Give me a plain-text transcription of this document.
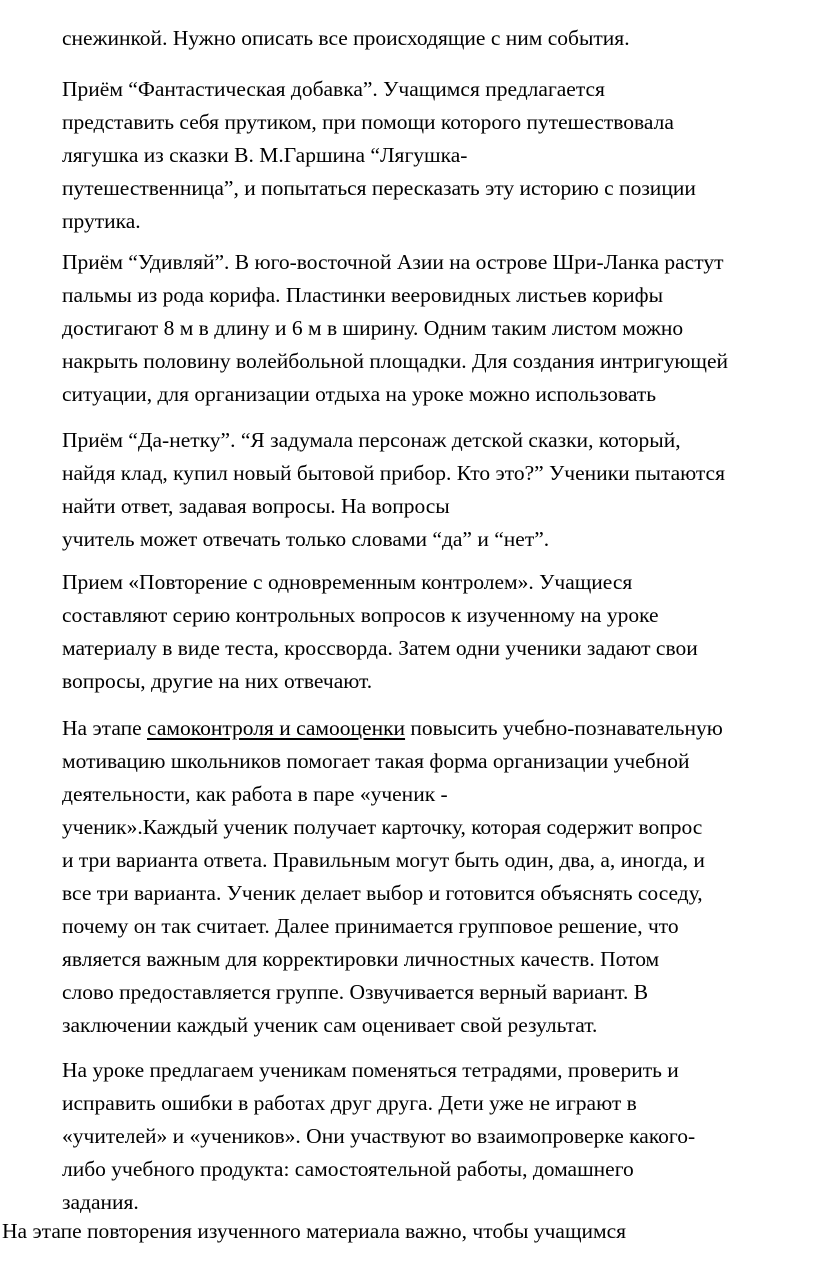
снежинкой. Нужно описать все происходящие с ним события.

Приём “Фантастическая добавка”. Учащимся предлагается
представить себя прутиком, при помощи которого путешествовала
лягушка из сказки В. М.Гаршина “Лягушка-
путешественница”, и попытаться пересказать эту историю с позиции
прутика.

Приём “Удивляй”. В юго-восточной Азии на острове Шри-Ланка растут
пальмы из рода корифа. Пластинки вееровидных листьев корифы
достигают 8 м в длину и 6 м в ширину. Одним таким листом можно
накрыть половину волейбольной площадки. Для создания интригующей
ситуации, для организации отдыха на уроке можно использовать

Приём “Да-нетку”. “Я задумала персонаж детской сказки, который,
найдя клад, купил новый бытовой прибор. Кто это?” Ученики пытаются
найти ответ, задавая вопросы. На вопросы
учитель может отвечать только словами “да” и “нет”.

Прием «Повторение с одновременным контролем». Учащиеся
составляют серию контрольных вопросов к изученному на уроке
материалу в виде теста, кроссворда. Затем одни ученики задают свои
вопросы, другие на них отвечают.

На этапе самоконтроля и самооценки повысить учебно-познавательную
мотивацию школьников помогает такая форма организации учебной
деятельности, как работа в паре «ученик -
ученик».Каждый ученик получает карточку, которая содержит вопрос
и три варианта ответа. Правильным могут быть один, два, а, иногда, и
все три варианта. Ученик делает выбор и готовится объяснять соседу,
почему он так считает. Далее принимается групповое решение, что
является важным для корректировки личностных качеств. Потом
слово предоставляется группе. Озвучивается верный вариант. В
заключении каждый ученик сам оценивает свой результат.

На уроке предлагаем ученикам поменяться тетрадями, проверить и
исправить ошибки в работах друг друга. Дети уже не играют в
«учителей» и «учеников». Они участвуют во взаимопроверке какого-
либо учебного продукта: самостоятельной работы, домашнего
задания.

На этапе повторения изученного материала важно, чтобы учащимся
